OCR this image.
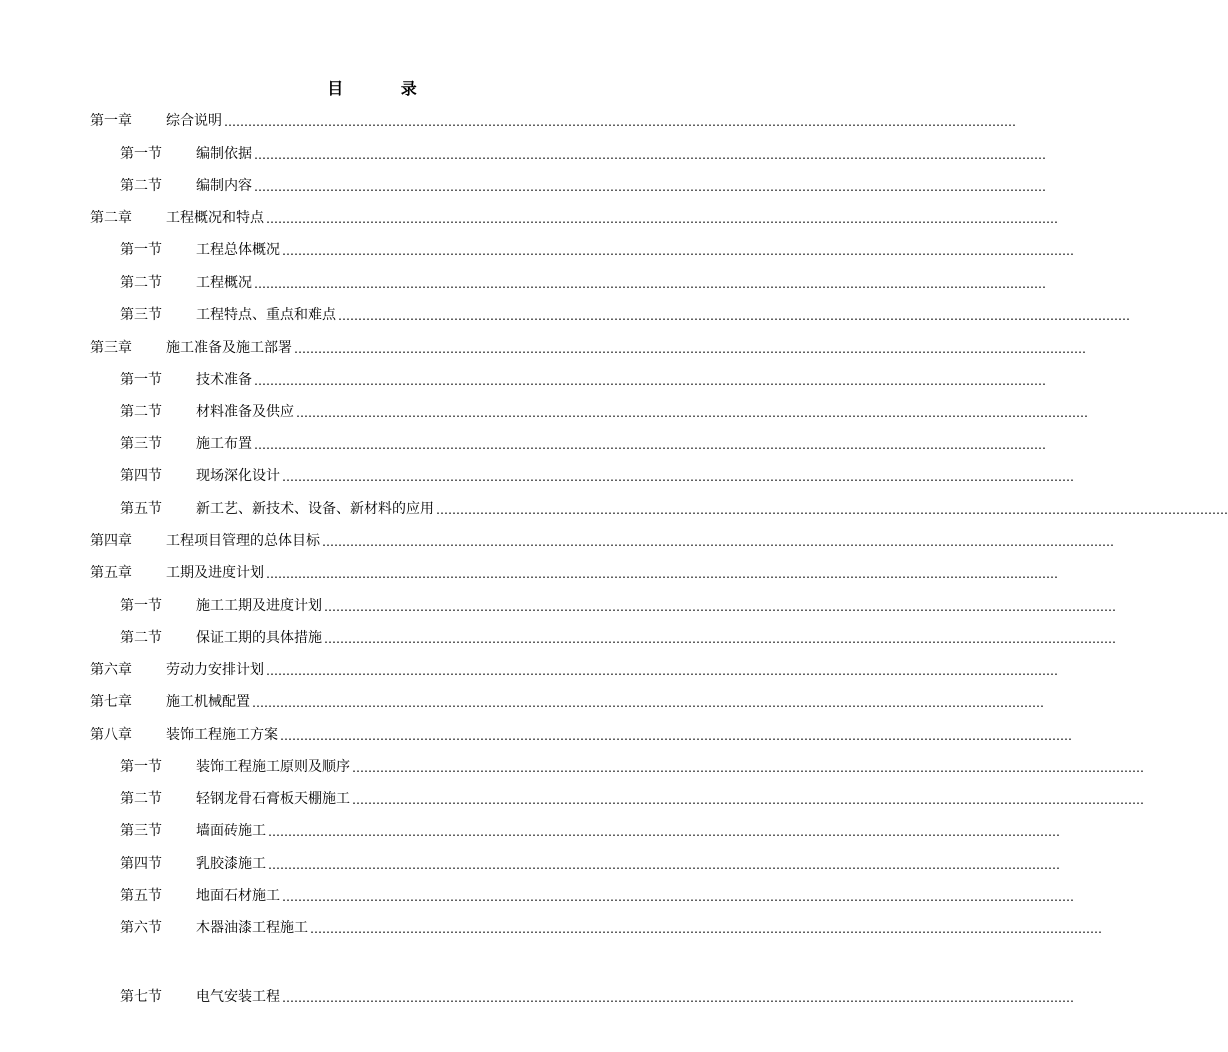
目 录
第一章	综合说明 ………………………………………………………………………………………………………………………………………………………………………………
第一节	编制依据 ………………………………………………………………………………………………………………………………………………………………………………
第二节	编制内容 ………………………………………………………………………………………………………………………………………………………………………………
第二章	工程概况和特点 ………………………………………………………………………………………………………………………………………………………………………………
第一节	工程总体概况 ………………………………………………………………………………………………………………………………………………………………………………
第二节	工程概况 ………………………………………………………………………………………………………………………………………………………………………………
第三节	工程特点、重点和难点 ………………………………………………………………………………………………………………………………………………………………………………
第三章	施工准备及施工部署 ………………………………………………………………………………………………………………………………………………………………………………
第一节	技术准备 ………………………………………………………………………………………………………………………………………………………………………………
第二节	材料准备及供应 ………………………………………………………………………………………………………………………………………………………………………………
第三节	施工布置 ………………………………………………………………………………………………………………………………………………………………………………
第四节	现场深化设计 ………………………………………………………………………………………………………………………………………………………………………………
第五节	新工艺、新技术、设备、新材料的应用 ………………………………………………………………………………………………………………………………………………………………………………
第四章	工程项目管理的总体目标 ………………………………………………………………………………………………………………………………………………………………………………
第五章	工期及进度计划 ………………………………………………………………………………………………………………………………………………………………………………
第一节	施工工期及进度计划 ………………………………………………………………………………………………………………………………………………………………………………
第二节	保证工期的具体措施 ………………………………………………………………………………………………………………………………………………………………………………
第六章	劳动力安排计划 ………………………………………………………………………………………………………………………………………………………………………………
第七章	施工机械配置 ………………………………………………………………………………………………………………………………………………………………………………
第八章	装饰工程施工方案 ………………………………………………………………………………………………………………………………………………………………………………
第一节	装饰工程施工原则及顺序 ………………………………………………………………………………………………………………………………………………………………………………
第二节	轻钢龙骨石膏板天棚施工 ………………………………………………………………………………………………………………………………………………………………………………
第三节	墙面砖施工 ………………………………………………………………………………………………………………………………………………………………………………
第四节	乳胶漆施工 ………………………………………………………………………………………………………………………………………………………………………………
第五节	地面石材施工 ………………………………………………………………………………………………………………………………………………………………………………
第六节	木器油漆工程施工 ………………………………………………………………………………………………………………………………………………………………………………
第七节	电气安装工程 ………………………………………………………………………………………………………………………………………………………………………………
